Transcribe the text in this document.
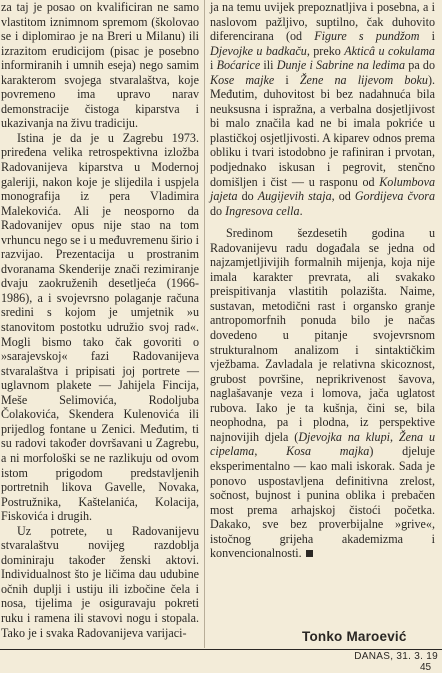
za taj je posao on kvalificiran ne samo vlastitom iznimnom spremom (školovao se i diplomirao je na Breri u Milanu) ili izrazitom erudicijom (pisac je posebno informiranih i umnih eseja) nego samim karakterom svojega stvaralaštva, koje povremeno ima upravo narav demonstracije čistoga kiparstva i ukazivanja na živu tradiciju.

Istina je da je u Zagrebu 1973. priređena velika retrospektivna izložba Radovanijeva kiparstva u Modernoj galeriji, nakon koje je slijedila i uspjela monografija iz pera Vladimira Malekovića. Ali je neosporno da Radovanijev opus nije stao na tom vrhuncu nego se i u međuvremenu širio i razvijao. Prezentacija u prostranim dvoranama Skenderije znači rezimiranje dvaju zaokruženih desetljeća (1966-1986), a i svojevrsno polaganje računa sredini s kojom je umjetnik »u stanovitom postotku udružio svoj rad«. Mogli bismo tako čak govoriti o »sarajevskoj« fazi Radovanijeva stvaralaštva i pripisati joj portrete — uglavnom plakete — Jahijela Fincija, Meše Selimovića, Rodoljuba Čolakovića, Skendera Kulenovića ili prijedlog fontane u Zenici. Međutim, ti su radovi također dovršavani u Zagrebu, a ni morfološki se ne razlikuju od ovom istom prigodom predstavljenih portretnih likova Gavelle, Novaka, Postružnika, Kaštelanića, Kolacija, Fiskovića i drugih.

Uz potrete, u Radovanijevu stvaralaštvu novijeg razdoblja dominiraju također ženski aktovi. Individualnost što je ličima dau udubine očnih duplji i ustiju ili izbočine čela i nosa, tijelima je osiguravaju pokreti ruku i ramena ili stavovi nogu i stopala. Tako je i svaka Radovanijeva varijaci-

ja na temu uvijek prepoznatljiva i posebna, a i naslovom pažljivo, suptilno, čak duhovito diferencirana (od Figure s pundžom i Djevojke u badkaču, preko Akticâ u cokulama i Boćarice ili Dunje i Sabrine na ledima pa do Kose majke i Žene na lijevom boku). Međutim, duhovitost bi bez nadahnuća bila neuksusna i ispražna, a verbalna dosjetljivost bi malo značila kad ne bi imala pokriće u plastičkoj osjetljivosti. A kiparev odnos prema obliku i tvari istodobno je rafiniran i prvotan, podjednako iskusan i pegrovit, stenčno domišljen i čist — u rasponu od Kolumbova jajeta do Augijevih staja, od Gordijeva čvora do Ingresova cella.

Sredinom šezdesetih godina u Radovanijevu radu događala se jedna od najzamjetljivijih formalnih mijenja, koja nije imala karakter prevrata, ali svakako preispitivanja vlastitih polazišta. Naime, sustavan, metodični rast i organsko granje antropomorfnih ponuda bilo je načas dovedeno u pitanje svojevrsnom strukturalnom analizom i sintaktičkim vježbama. Zavladala je relativna skicoznost, grubost površine, neprikrivenost šavova, naglašavanje veza i lomova, jača uglatost rubova. Iako je ta kušnja, čini se, bila neophodna, pa i plodna, iz perspektive najnovijih djela (Djevojka na klupi, Žena u cipelama, Kosa majka) djeluje eksperimentalno — kao mali iskorak. Sada je ponovo uspostavljena definitivna zrelost, sočnost, bujnost i punina oblika i prebačen most prema arhajskoj čistoći početka. Dakako, sve bez proverbijalne »grive«, istočnog grijeha akademizma i konvencionalnosti.

Tonko Maroević
DANAS, 31. 3. 19
45
